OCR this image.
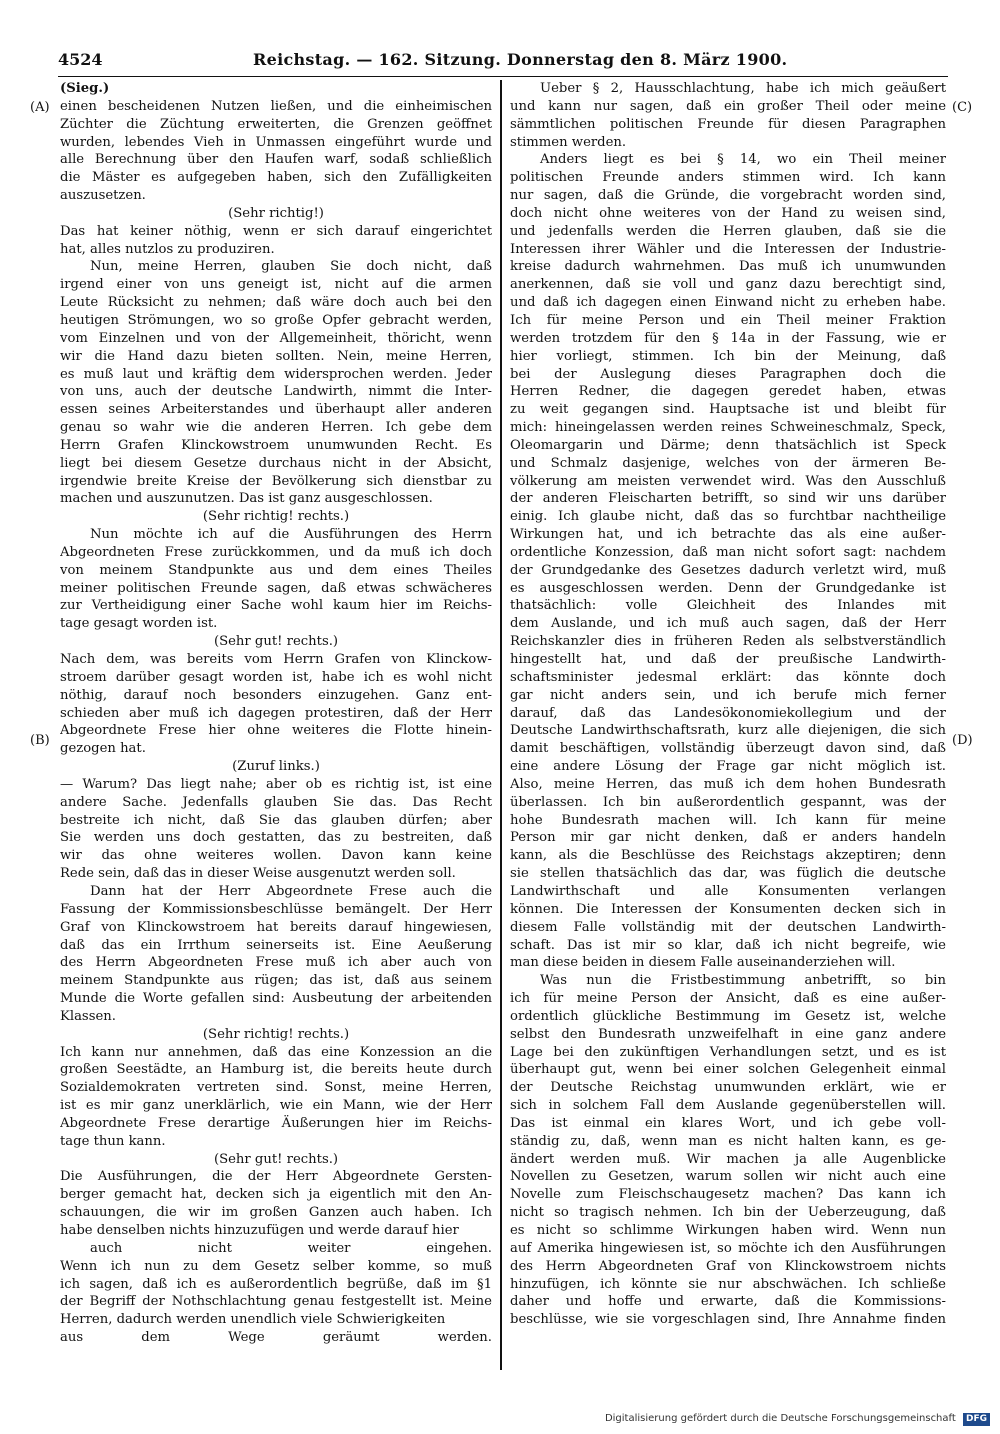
4524	Reichstag. — 162. Sitzung. Donnerstag den 8. März 1900.
(A)
(B)
(C)
(D)
(Sieg.)
einen bescheidenen Nutzen ließen, und die einheimischen
Züchter die Züchtung erweiterten, die Grenzen geöffnet
wurden, lebendes Vieh in Unmassen eingeführt wurde und
alle Berechnung über den Haufen warf, sodaß schließlich
die Mäster es aufgegeben haben, sich den Zufälligkeiten
auszusetzen.
(Sehr richtig!)
Das hat keiner nöthig, wenn er sich darauf eingerichtet
hat, alles nutzlos zu produziren.
Nun, meine Herren, glauben Sie doch nicht, daß
irgend einer von uns geneigt ist, nicht auf die armen
Leute Rücksicht zu nehmen; daß wäre doch auch bei den
heutigen Strömungen, wo so große Opfer gebracht werden,
vom Einzelnen und von der Allgemeinheit, thöricht, wenn
wir die Hand dazu bieten sollten. Nein, meine Herren,
es muß laut und kräftig dem widersprochen werden. Jeder
von uns, auch der deutsche Landwirth, nimmt die Inter-
essen seines Arbeiterstandes und überhaupt aller anderen
genau so wahr wie die anderen Herren. Ich gebe dem
Herrn Grafen Klinckowstroem unumwunden Recht. Es
liegt bei diesem Gesetze durchaus nicht in der Absicht,
irgendwie breite Kreise der Bevölkerung sich dienstbar zu
machen und auszunutzen. Das ist ganz ausgeschlossen.
(Sehr richtig! rechts.)
Nun möchte ich auf die Ausführungen des Herrn
Abgeordneten Frese zurückkommen, und da muß ich doch
von meinem Standpunkte aus und dem eines Theiles
meiner politischen Freunde sagen, daß etwas schwächeres
zur Vertheidigung einer Sache wohl kaum hier im Reichs-
tage gesagt worden ist.
(Sehr gut! rechts.)
Nach dem, was bereits vom Herrn Grafen von Klinckow-
stroem darüber gesagt worden ist, habe ich es wohl nicht
nöthig, darauf noch besonders einzugehen. Ganz ent-
schieden aber muß ich dagegen protestiren, daß der Herr
Abgeordnete Frese hier ohne weiteres die Flotte hinein-
gezogen hat.
(Zuruf links.)
— Warum? Das liegt nahe; aber ob es richtig ist, ist eine
andere Sache. Jedenfalls glauben Sie das. Das Recht
bestreite ich nicht, daß Sie das glauben dürfen; aber
Sie werden uns doch gestatten, das zu bestreiten, daß
wir das ohne weiteres wollen. Davon kann keine
Rede sein, daß das in dieser Weise ausgenutzt werden soll.
Dann hat der Herr Abgeordnete Frese auch die
Fassung der Kommissionsbeschlüsse bemängelt. Der Herr
Graf von Klinckowstroem hat bereits darauf hingewiesen,
daß das ein Irrthum seinerseits ist. Eine Aeußerung
des Herrn Abgeordneten Frese muß ich aber auch von
meinem Standpunkte aus rügen; das ist, daß aus seinem
Munde die Worte gefallen sind: Ausbeutung der arbeitenden
Klassen.
(Sehr richtig! rechts.)
Ich kann nur annehmen, daß das eine Konzession an die
großen Seestädte, an Hamburg ist, die bereits heute durch
Sozialdemokraten vertreten sind. Sonst, meine Herren,
ist es mir ganz unerklärlich, wie ein Mann, wie der Herr
Abgeordnete Frese derartige Äußerungen hier im Reichs-
tage thun kann.
(Sehr gut! rechts.)
Die Ausführungen, die der Herr Abgeordnete Gersten-
berger gemacht hat, decken sich ja eigentlich mit den An-
schauungen, die wir im großen Ganzen auch haben. Ich
habe denselben nichts hinzuzufügen und werde darauf hier
auch nicht weiter eingehen.
Wenn ich nun zu dem Gesetz selber komme, so muß
ich sagen, daß ich es außerordentlich begrüße, daß im §1
der Begriff der Nothschlachtung genau festgestellt ist. Meine
Herren, dadurch werden unendlich viele Schwierigkeiten
aus dem Wege geräumt werden.
Ueber § 2, Hausschlachtung, habe ich mich geäußert
und kann nur sagen, daß ein großer Theil oder meine
sämmtlichen politischen Freunde für diesen Paragraphen
stimmen werden.
Anders liegt es bei § 14, wo ein Theil meiner
politischen Freunde anders stimmen wird. Ich kann
nur sagen, daß die Gründe, die vorgebracht worden sind,
doch nicht ohne weiteres von der Hand zu weisen sind,
und jedenfalls werden die Herren glauben, daß sie die
Interessen ihrer Wähler und die Interessen der Industrie-
kreise dadurch wahrnehmen. Das muß ich unumwunden
anerkennen, daß sie voll und ganz dazu berechtigt sind,
und daß ich dagegen einen Einwand nicht zu erheben habe.
Ich für meine Person und ein Theil meiner Fraktion
werden trotzdem für den § 14a in der Fassung, wie er
hier vorliegt, stimmen. Ich bin der Meinung, daß
bei der Auslegung dieses Paragraphen doch die
Herren Redner, die dagegen geredet haben, etwas
zu weit gegangen sind. Hauptsache ist und bleibt für
mich: hineingelassen werden reines Schweineschmalz, Speck,
Oleomargarin und Därme; denn thatsächlich ist Speck
und Schmalz dasjenige, welches von der ärmeren Be-
völkerung am meisten verwendet wird. Was den Ausschluß
der anderen Fleischarten betrifft, so sind wir uns darüber
einig. Ich glaube nicht, daß das so furchtbar nachtheilige
Wirkungen hat, und ich betrachte das als eine außer-
ordentliche Konzession, daß man nicht sofort sagt: nachdem
der Grundgedanke des Gesetzes dadurch verletzt wird, muß
es ausgeschlossen werden. Denn der Grundgedanke ist
thatsächlich: volle Gleichheit des Inlandes mit
dem Auslande, und ich muß auch sagen, daß der Herr
Reichskanzler dies in früheren Reden als selbstverständlich
hingestellt hat, und daß der preußische Landwirth-
schaftsminister jedesmal erklärt: das könnte doch
gar nicht anders sein, und ich berufe mich ferner
darauf, daß das Landesökonomiekollegium und der
Deutsche Landwirthschaftsrath, kurz alle diejenigen, die sich
damit beschäftigen, vollständig überzeugt davon sind, daß
eine andere Lösung der Frage gar nicht möglich ist.
Also, meine Herren, das muß ich dem hohen Bundesrath
überlassen. Ich bin außerordentlich gespannt, was der
hohe Bundesrath machen will. Ich kann für meine
Person mir gar nicht denken, daß er anders handeln
kann, als die Beschlüsse des Reichstags akzeptiren; denn
sie stellen thatsächlich das dar, was füglich die deutsche
Landwirthschaft und alle Konsumenten verlangen
können. Die Interessen der Konsumenten decken sich in
diesem Falle vollständig mit der deutschen Landwirth-
schaft. Das ist mir so klar, daß ich nicht begreife, wie
man diese beiden in diesem Falle auseinanderziehen will.
Was nun die Fristbestimmung anbetrifft, so bin
ich für meine Person der Ansicht, daß es eine außer-
ordentlich glückliche Bestimmung im Gesetz ist, welche
selbst den Bundesrath unzweifelhaft in eine ganz andere
Lage bei den zukünftigen Verhandlungen setzt, und es ist
überhaupt gut, wenn bei einer solchen Gelegenheit einmal
der Deutsche Reichstag unumwunden erklärt, wie er
sich in solchem Fall dem Auslande gegenüberstellen will.
Das ist einmal ein klares Wort, und ich gebe voll-
ständig zu, daß, wenn man es nicht halten kann, es ge-
ändert werden muß. Wir machen ja alle Augenblicke
Novellen zu Gesetzen, warum sollen wir nicht auch eine
Novelle zum Fleischschaugesetz machen? Das kann ich
nicht so tragisch nehmen. Ich bin der Ueberzeugung, daß
es nicht so schlimme Wirkungen haben wird. Wenn nun
auf Amerika hingewiesen ist, so möchte ich den Ausführungen
des Herrn Abgeordneten Graf von Klinckowstroem nichts
hinzufügen, ich könnte sie nur abschwächen. Ich schließe
daher und hoffe und erwarte, daß die Kommissions-
beschlüsse, wie sie vorgeschlagen sind, Ihre Annahme finden
Digitalisierung gefördert durch die Deutsche Forschungsgemeinschaft DFG
